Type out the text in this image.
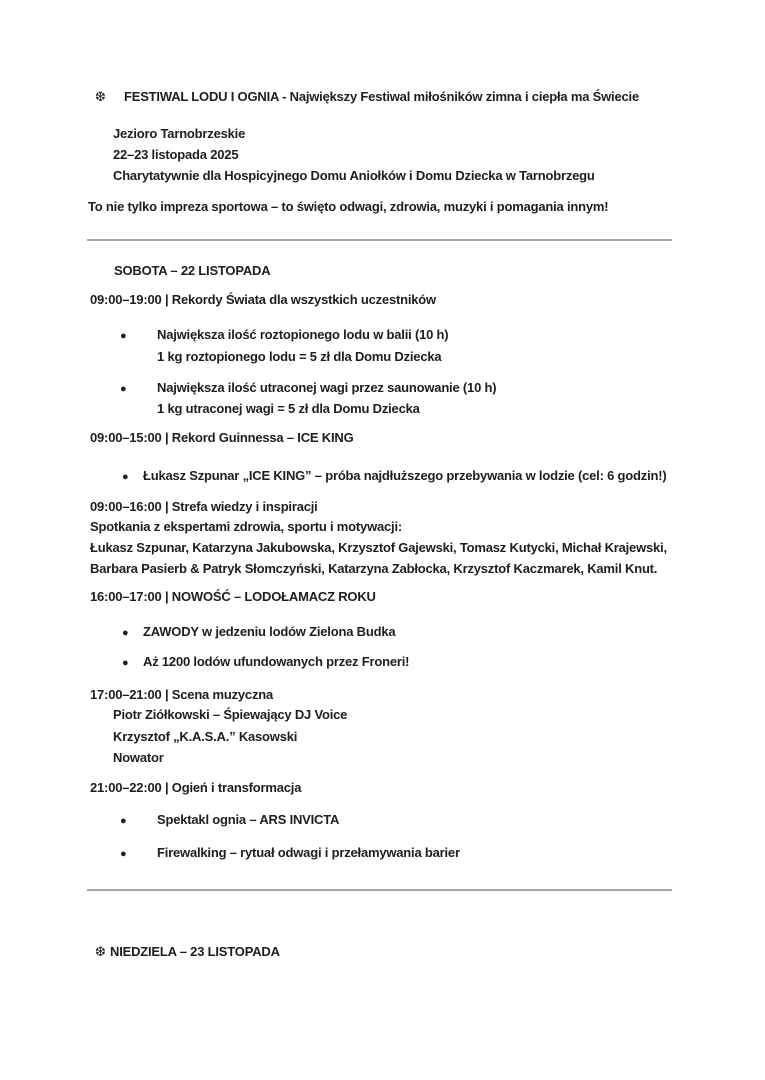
❆ FESTIWAL LODU I OGNIA - Największy Festiwal miłośników zimna i ciepła ma Świecie
Jezioro Tarnobrzeskie
22–23 listopada 2025
Charytatywnie dla Hospicyjnego Domu Aniołków i Domu Dziecka w Tarnobrzegu
To nie tylko impreza sportowa – to święto odwagi, zdrowia, muzyki i pomagania innym!
SOBOTA – 22 LISTOPADA
09:00–19:00 | Rekordy Świata dla wszystkich uczestników
● Największa ilość roztopionego lodu w balii (10 h)
1 kg roztopionego lodu = 5 zł dla Domu Dziecka
● Największa ilość utraconej wagi przez saunowanie (10 h)
1 kg utraconej wagi = 5 zł dla Domu Dziecka
09:00–15:00 | Rekord Guinnessa – ICE KING
● Łukasz Szpunar „ICE KING” – próba najdłuższego przebywania w lodzie (cel: 6 godzin!)
09:00–16:00 | Strefa wiedzy i inspiracji
Spotkania z ekspertami zdrowia, sportu i motywacji:
Łukasz Szpunar, Katarzyna Jakubowska, Krzysztof Gajewski, Tomasz Kutycki, Michał Krajewski,
Barbara Pasierb & Patryk Słomczyński, Katarzyna Zabłocka, Krzysztof Kaczmarek, Kamil Knut.
16:00–17:00 | NOWOŚĆ – LODOŁAMACZ ROKU
● ZAWODY w jedzeniu lodów Zielona Budka
● Aż 1200 lodów ufundowanych przez Froneri!
17:00–21:00 | Scena muzyczna
Piotr Ziółkowski – Śpiewający DJ Voice
Krzysztof „K.A.S.A.” Kasowski
Nowator
21:00–22:00 | Ogień i transformacja
● Spektakl ognia – ARS INVICTA
● Firewalking – rytuał odwagi i przełamywania barier
❆ NIEDZIELA – 23 LISTOPADA
